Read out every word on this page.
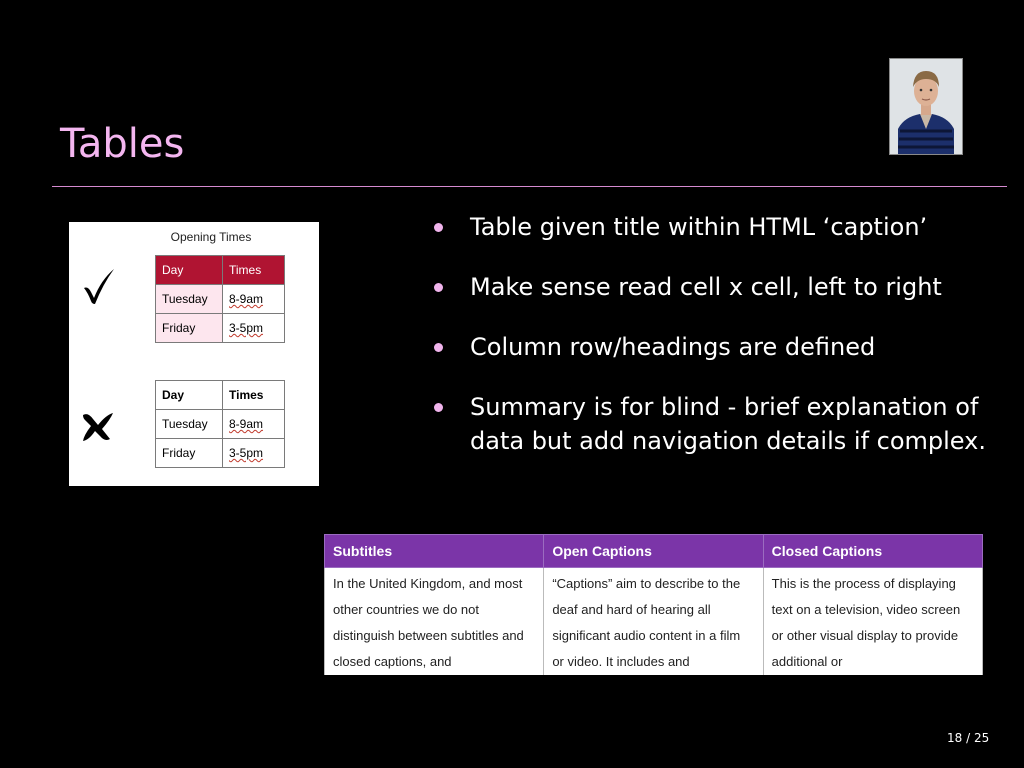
Tables
Opening Times
Day	Times
Tuesday	8-9am
Friday	3-5pm
Day	Times
Tuesday	8-9am
Friday	3-5pm
Table given title within HTML ‘caption’
Make sense read cell x cell, left to right
Column row/headings are defined
Summary is for blind - brief explanation of data but add navigation details if complex.
Subtitles	Open Captions	Closed Captions
In the United Kingdom, and most other countries we do not distinguish between subtitles and closed captions, and	“Captions” aim to describe to the deaf and hard of hearing all significant audio content in a film or video. It includes and	This is the process of displaying text on a television, video screen or other visual display to provide additional or
18 / 25
